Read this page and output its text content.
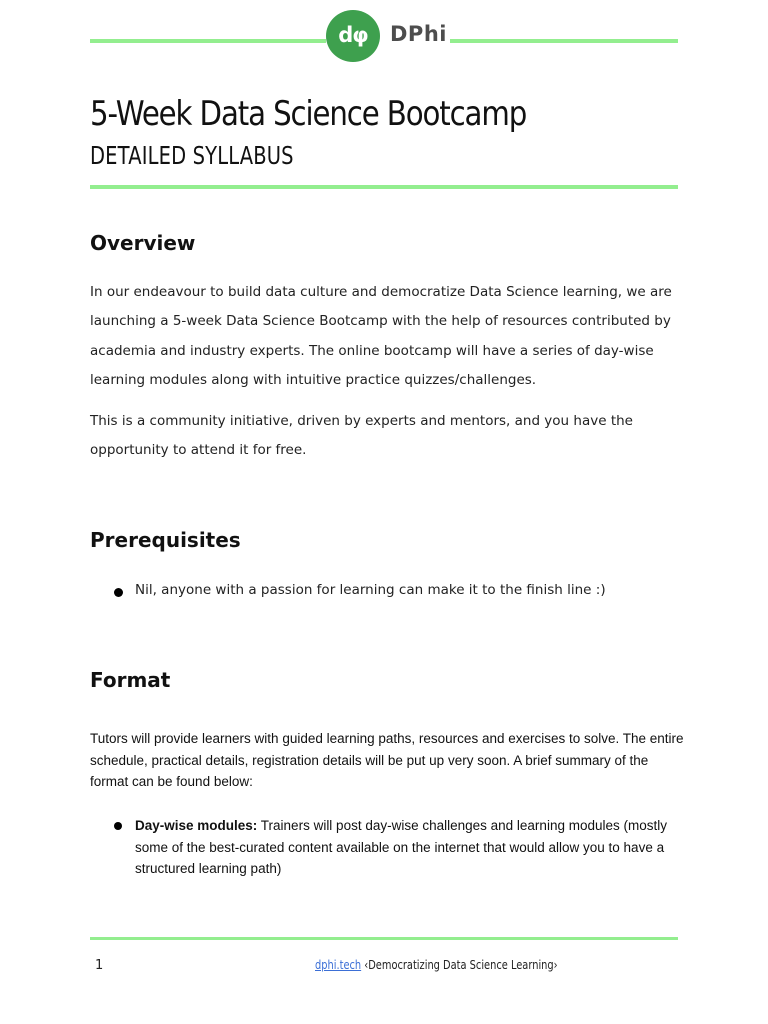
dφ	DPhi
5-Week Data Science Bootcamp
DETAILED SYLLABUS
Overview

In our endeavour to build data culture and democratize Data Science learning, we are launching a 5-week Data Science Bootcamp with the help of resources contributed by academia and industry experts. The online bootcamp will have a series of day-wise learning modules along with intuitive practice quizzes/challenges.

This is a community initiative, driven by experts and mentors, and you have the opportunity to attend it for free.

Prerequisites

Nil, anyone with a passion for learning can make it to the finish line :)

Format

Tutors will provide learners with guided learning paths, resources and exercises to solve. The entire schedule, practical details, registration details will be put up very soon. A brief summary of the format can be found below:

Day-wise modules: Trainers will post day-wise challenges and learning modules (mostly some of the best-curated content available on the internet that would allow you to have a structured learning path)

1	dphi.tech ‹Democratizing Data Science Learning›
